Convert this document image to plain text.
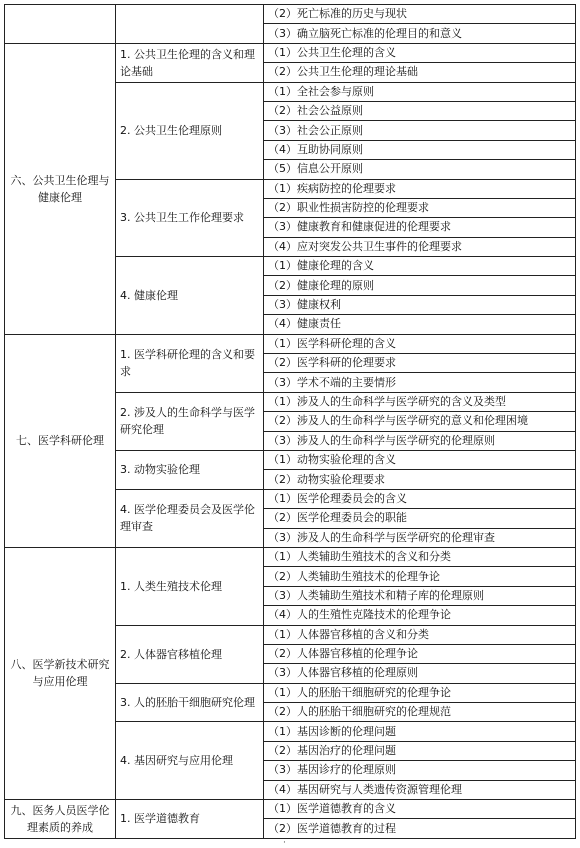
		（2）死亡标准的历史与现状
		（3）确立脑死亡标准的伦理目的和意义
六、公共卫生伦理与健康伦理	1. 公共卫生伦理的含义和理论基础	（1）公共卫生伦理的含义
		（2）公共卫生伦理的理论基础
	2. 公共卫生伦理原则	（1）全社会参与原则
		（2）社会公益原则
		（3）社会公正原则
		（4）互助协同原则
		（5）信息公开原则
	3. 公共卫生工作伦理要求	（1）疾病防控的伦理要求
		（2）职业性损害防控的伦理要求
		（3）健康教育和健康促进的伦理要求
		（4）应对突发公共卫生事件的伦理要求
	4. 健康伦理	（1）健康伦理的含义
		（2）健康伦理的原则
		（3）健康权利
		（4）健康责任
七、医学科研伦理	1. 医学科研伦理的含义和要求	（1）医学科研伦理的含义
		（2）医学科研的伦理要求
		（3）学术不端的主要情形
	2. 涉及人的生命科学与医学研究伦理	（1）涉及人的生命科学与医学研究的含义及类型
		（2）涉及人的生命科学与医学研究的意义和伦理困境
		（3）涉及人的生命科学与医学研究的伦理原则
	3. 动物实验伦理	（1）动物实验伦理的含义
		（2）动物实验伦理要求
	4. 医学伦理委员会及医学伦理审查	（1）医学伦理委员会的含义
		（2）医学伦理委员会的职能
		（3）涉及人的生命科学与医学研究的伦理审查
八、医学新技术研究与应用伦理	1. 人类生殖技术伦理	（1）人类辅助生殖技术的含义和分类
		（2）人类辅助生殖技术的伦理争论
		（3）人类辅助生殖技术和精子库的伦理原则
		（4）人的生殖性克隆技术的伦理争论
	2. 人体器官移植伦理	（1）人体器官移植的含义和分类
		（2）人体器官移植的伦理争论
		（3）人体器官移植的伦理原则
	3. 人的胚胎干细胞研究伦理	（1）人的胚胎干细胞研究的伦理争论
		（2）人的胚胎干细胞研究的伦理规范
	4. 基因研究与应用伦理	（1）基因诊断的伦理问题
		（2）基因治疗的伦理问题
		（3）基因诊疗的伦理原则
		（4）基因研究与人类遗传资源管理伦理
九、医务人员医学伦理素质的养成	1. 医学道德教育	（1）医学道德教育的含义
		（2）医学道德教育的过程
·
